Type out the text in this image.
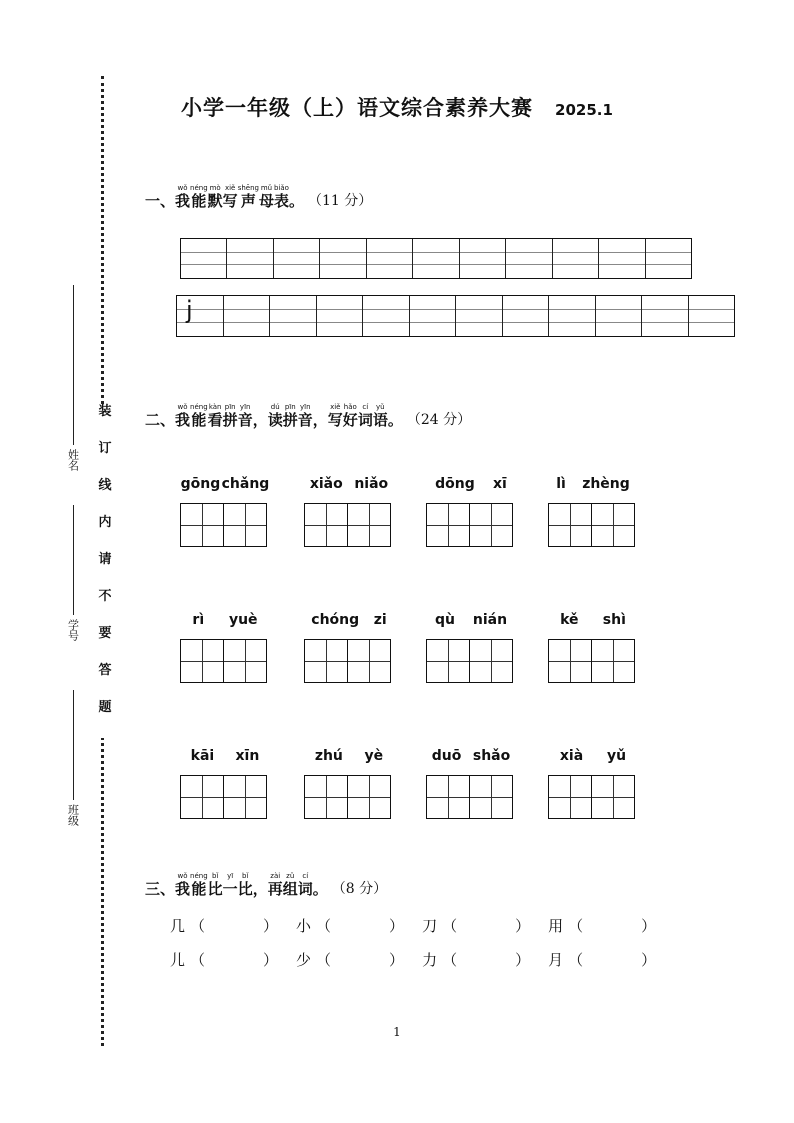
装
订
线
内
请
不
要
答
题
姓名
学号
班级
小学一年级（上）语文综合素养大赛 2025.1
一、
wǒ
我
néng
能
mò
默
xiě
写
shēng
声
mǔ
母
biǎo
表 。 （11 分）
j
二、
wǒ
我
néng
能
kàn
看
pīn
拼
yīn
音 ，
dú
读
pīn
拼
yīn
音 ，
xiě
写
hǎo
好
cí
词
yǔ
语 。 （24 分）
gōng chǎng	xiǎo niǎo	dōng xī	lì zhèng
rì yuè	chóng zi	qù nián	kě shì
kāi xīn	zhú yè	duō shǎo	xià yǔ
三、
wǒ
我
néng
能
bǐ
比
yī
一
bǐ
比 ，
zài
再
zǔ
组
cí
词 。 （8 分）
几 （	） 小 （	） 刀 （	） 用 （	）
儿 （	） 少 （	） 力 （	） 月 （	）
1
